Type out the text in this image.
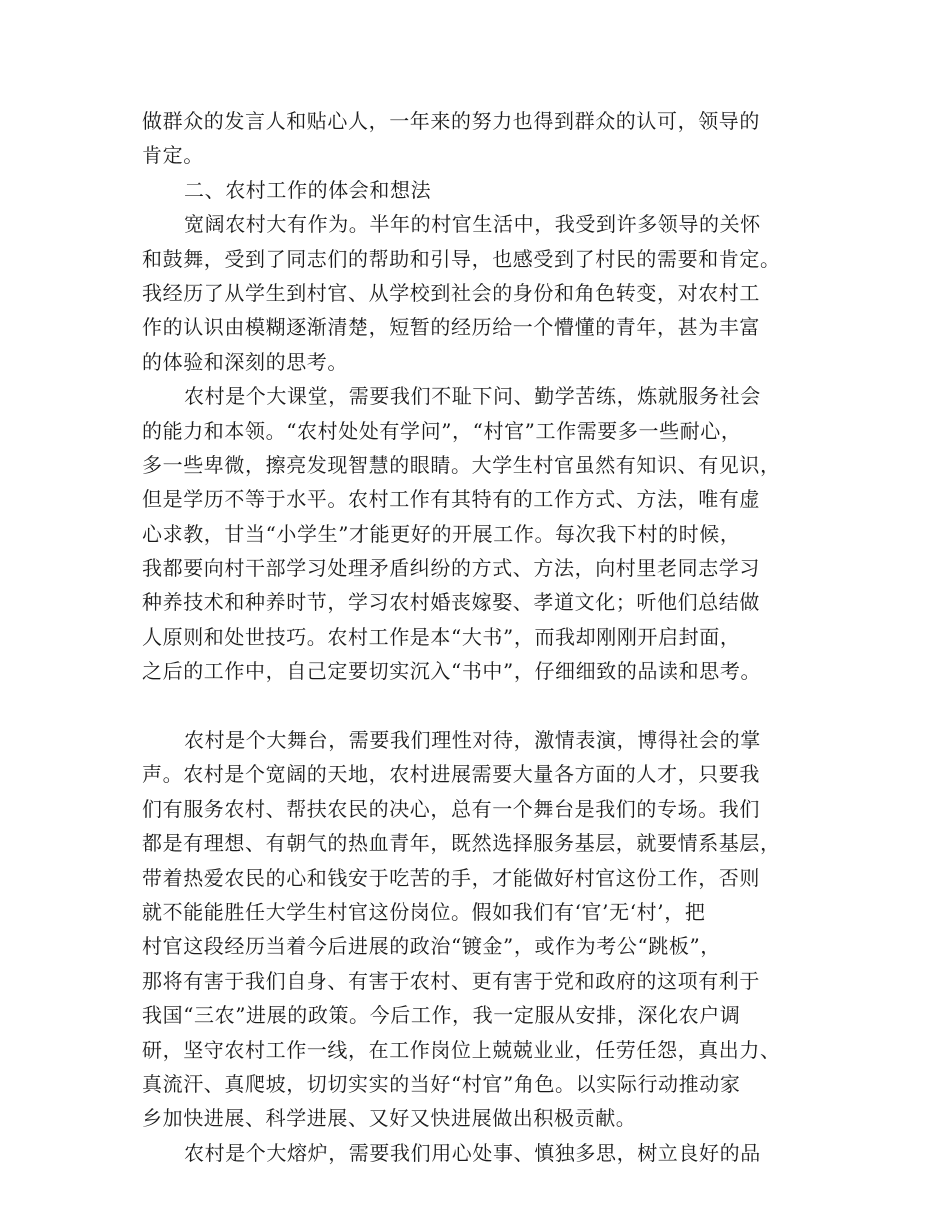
做群众的发言人和贴心人，一年来的努力也得到群众的认可，领导的
肯定。
二、农村工作的体会和想法
宽阔农村大有作为。半年的村官生活中，我受到许多领导的关怀
和鼓舞，受到了同志们的帮助和引导，也感受到了村民的需要和肯定。
我经历了从学生到村官、从学校到社会的身份和角色转变，对农村工
作的认识由模糊逐渐清楚，短暂的经历给一个懵懂的青年，甚为丰富
的体验和深刻的思考。
农村是个大课堂，需要我们不耻下问、勤学苦练，炼就服务社会
的能力和本领。“农村处处有学问”，“村官”工作需要多一些耐心，
多一些卑微，擦亮发现智慧的眼睛。大学生村官虽然有知识、有见识，
但是学历不等于水平。农村工作有其特有的工作方式、方法，唯有虚
心求教，甘当“小学生”才能更好的开展工作。每次我下村的时候，
我都要向村干部学习处理矛盾纠纷的方式、方法，向村里老同志学习
种养技术和种养时节，学习农村婚丧嫁娶、孝道文化；听他们总结做
人原则和处世技巧。农村工作是本“大书”，而我却刚刚开启封面，
之后的工作中，自己定要切实沉入“书中”，仔细细致的品读和思考。
农村是个大舞台，需要我们理性对待，激情表演，博得社会的掌
声。农村是个宽阔的天地，农村进展需要大量各方面的人才，只要我
们有服务农村、帮扶农民的决心，总有一个舞台是我们的专场。我们
都是有理想、有朝气的热血青年，既然选择服务基层，就要情系基层，
带着热爱农民的心和钱安于吃苦的手，才能做好村官这份工作，否则
就不能能胜任大学生村官这份岗位。假如我们有‘官’无‘村’，把
村官这段经历当着今后进展的政治“镀金”，或作为考公“跳板”，
那将有害于我们自身、有害于农村、更有害于党和政府的这项有利于
我国“三农”进展的政策。今后工作，我一定服从安排，深化农户调
研，坚守农村工作一线，在工作岗位上兢兢业业，任劳任怨，真出力、
真流汗、真爬坡，切切实实的当好“村官”角色。以实际行动推动家
乡加快进展、科学进展、又好又快进展做出积极贡献。
农村是个大熔炉，需要我们用心处事、慎独多思，树立良好的品
